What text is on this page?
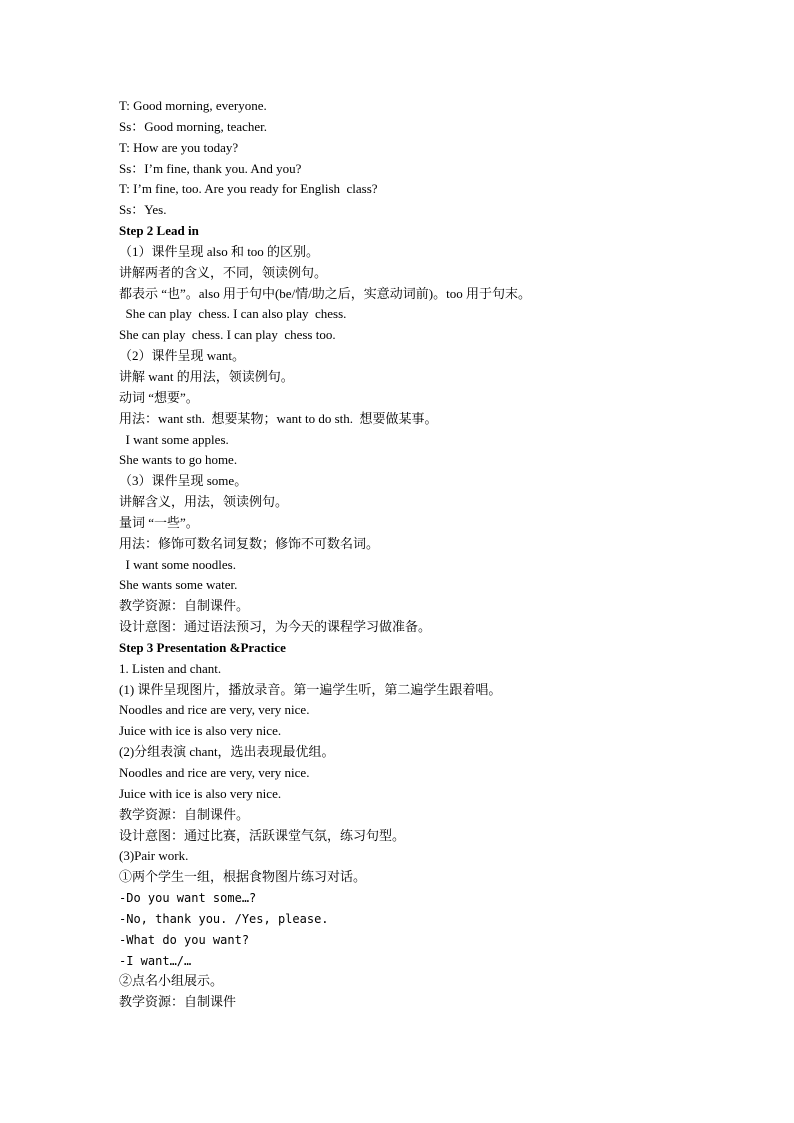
T: Good morning, everyone.
Ss：Good morning, teacher.
T: How are you today?
Ss：I’m fine, thank you. And you?
T: I’m fine, too. Are you ready for English  class?
Ss：Yes.
Step 2 Lead in
（1）课件呈现 also 和 too 的区别。
讲解两者的含义，不同，领读例句。
都表示 “也”。also 用于句中(be/情/助之后，实意动词前)。too 用于句末。
She can play  chess. I can also play  chess.
She can play  chess. I can play  chess too.
（2）课件呈现 want。
讲解 want 的用法，领读例句。
动词 “想要”。
用法：want sth.  想要某物；want to do sth.  想要做某事。
I want some apples.
She wants to go home.
（3）课件呈现 some。
讲解含义，用法，领读例句。
量词 “一些”。
用法：修饰可数名词复数；修饰不可数名词。
I want some noodles.
She wants some water.
教学资源：自制课件。
设计意图：通过语法预习，为今天的课程学习做准备。
Step 3 Presentation &Practice
1. Listen and chant.
(1) 课件呈现图片，播放录音。第一遍学生听，第二遍学生跟着唱。
Noodles and rice are very, very nice.
Juice with ice is also very nice.
(2)分组表演 chant，选出表现最优组。
Noodles and rice are very, very nice.
Juice with ice is also very nice.
教学资源：自制课件。
设计意图：通过比赛，活跃课堂气氛，练习句型。
(3)Pair work.
①两个学生一组，根据食物图片练习对话。
-Do you want some…?
-No, thank you. /Yes, please.
-What do you want?
-I want…/…
②点名小组展示。
教学资源：自制课件
